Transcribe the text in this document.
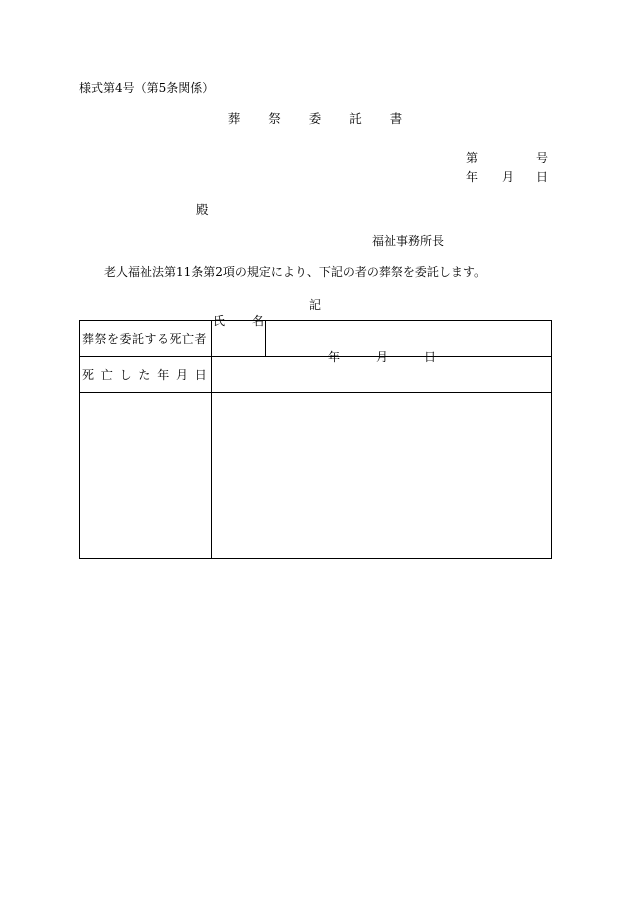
様式第4号（第5条関係）
葬 祭 委 託 書
第	号
年 月 日
殿
福祉事務所長
老人福祉法第11条第2項の規定により、下記の者の葬祭を委託します。
記
葬祭を委託する死亡者	氏 名	

死 亡 し た 年 月 日	年 月 日	
